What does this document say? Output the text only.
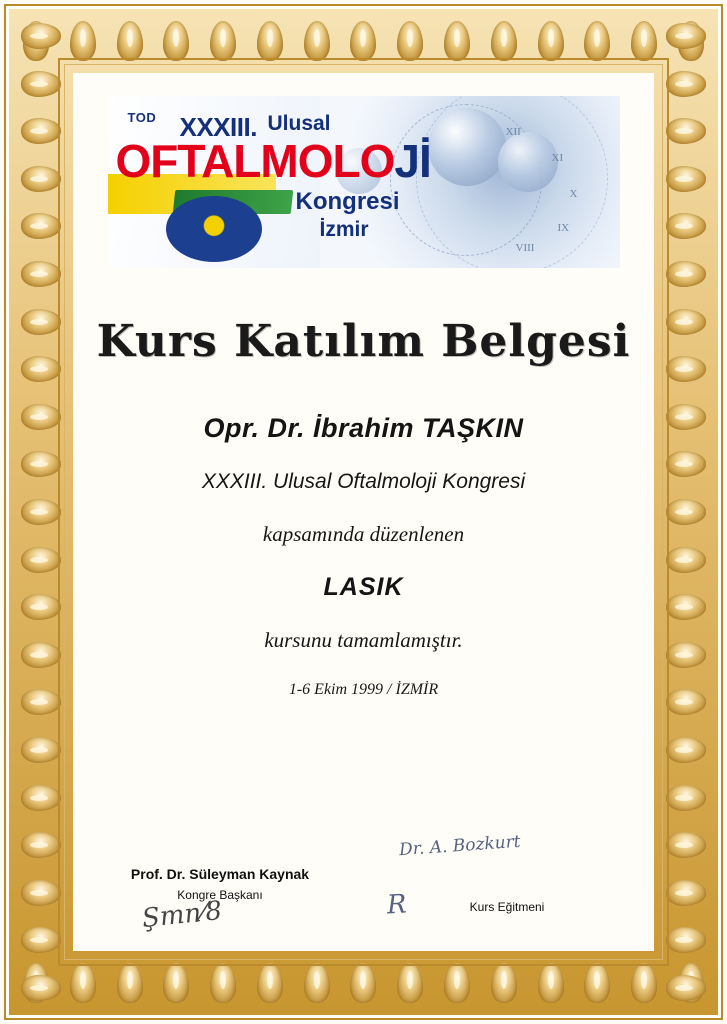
XII
XI
X
IX
VIII
TOD XXXIII. Ulusal
OFTALMOLOJİ
Kongresi
İzmir
Kurs Katılım Belgesi
Opr. Dr. İbrahim TAŞKIN
XXXIII. Ulusal Oftalmoloji Kongresi
kapsamında düzenlenen
LASIK
kursunu tamamlamıştır.
1-6 Ekim 1999 / İZMİR
Prof. Dr. Süleyman Kaynak
Kongre Başkanı
Şmn⁄8
Dr. A. Bozkurt
Kurs Eğitmeni
R
